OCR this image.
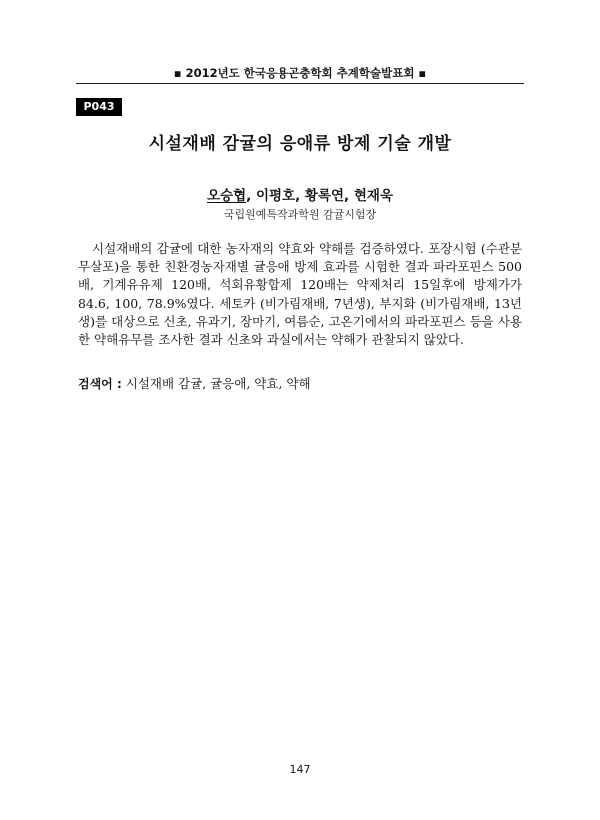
▪ 2012년도 한국응용곤충학회 추계학술발표회 ▪
P043
시설재배 감귤의 응애류 방제 기술 개발
오승협, 이평호, 황록연, 현재욱
국립원예특작과학원 감귤시험장

시설재배의 감귤에 대한 농자재의 약효와 약해를 검증하였다. 포장시험 (수관분무살포)을 통한 친환경농자재별 귤응애 방제 효과를 시험한 결과 파라포핀스 500배, 기계유유제 120배, 석회유황합제 120배는 약제처리 15일후에 방제가가 84.6, 100, 78.9%였다. 세토카 (비가림재배, 7년생), 부지화 (비가림재배, 13년생)를 대상으로 신초, 유과기, 장마기, 여름순, 고온기에서의 파라포핀스 등을 사용한 약해유무를 조사한 결과 신초와 과실에서는 약해가 관찰되지 않았다.

검색어 : 시설재배 감귤, 귤응애, 약효, 약해
147
